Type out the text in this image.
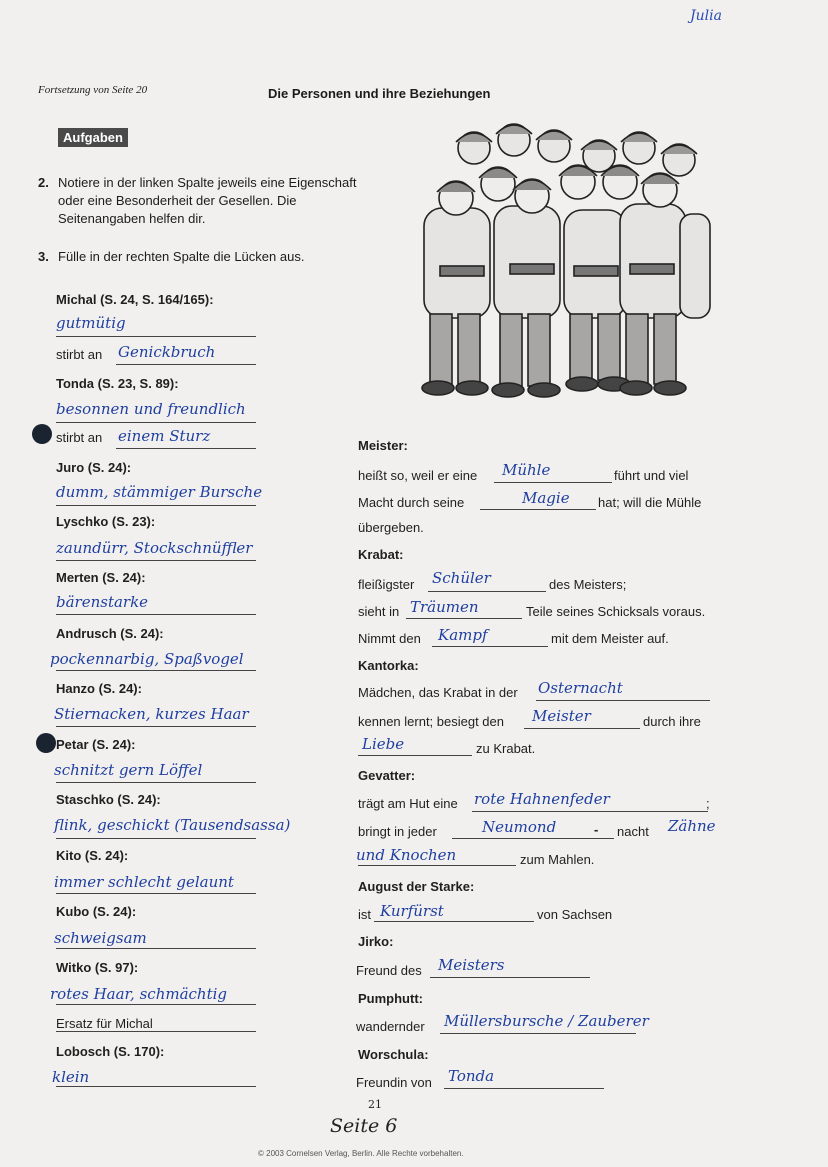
Fortsetzung von Seite 20	Die Personen und ihre Beziehungen
Julia
Aufgaben
2. Notiere in der linken Spalte jeweils eine Eigenschaft oder eine Besonderheit der Gesellen. Die Seitenangaben helfen dir.
3. Fülle in der rechten Spalte die Lücken aus.
Michal (S. 24, S. 164/165):
gutmütig
stirbt an Genickbruch
Tonda (S. 23, S. 89):
besonnen und freundlich
stirbt an einem Sturz
Juro (S. 24):
dumm, stämmiger Bursche
Lyschko (S. 23):
zaundürr, Stockschnüffler
Merten (S. 24):
bärenstarke
Andrusch (S. 24):
pockennarbig, Spaßvogel
Hanzo (S. 24):
Stiernacken, kurzes Haar
Petar (S. 24):
schnitzt gern Löffel
Staschko (S. 24):
flink, geschickt (Tausendsassa)
Kito (S. 24):
immer schlecht gelaunt
Kubo (S. 24):
schweigsam
Witko (S. 97):
rotes Haar, schmächtig
Ersatz für Michal
Lobosch (S. 170):
klein
Meister:
heißt so, weil er eine Mühle	führt und viel
Macht durch seine	Magie hat; will die Mühle
übergeben.
Krabat:
fleißigster Schüler	des Meisters;
sieht in Träumen	Teile seines Schicksals voraus.
Nimmt den Kampf	mit dem Meister auf.
Kantorka:
Mädchen, das Krabat in der Osternacht
kennen lernt; besiegt den Meister	durch ihre
Liebe	zu Krabat.
Gevatter:
trägt am Hut eine rote Hahnenfeder	;
bringt in jeder	Neumond	- nacht Zähne
und Knochen	zum Mahlen.
August der Starke:
ist Kurfürst	von Sachsen
Jirko:
Freund des Meisters
Pumphutt:
wandernder Müllersbursche / Zauberer
Worschula:
Freundin von Tonda
21
Seite 6
© 2003 Cornelsen Verlag, Berlin. Alle Rechte vorbehalten.
